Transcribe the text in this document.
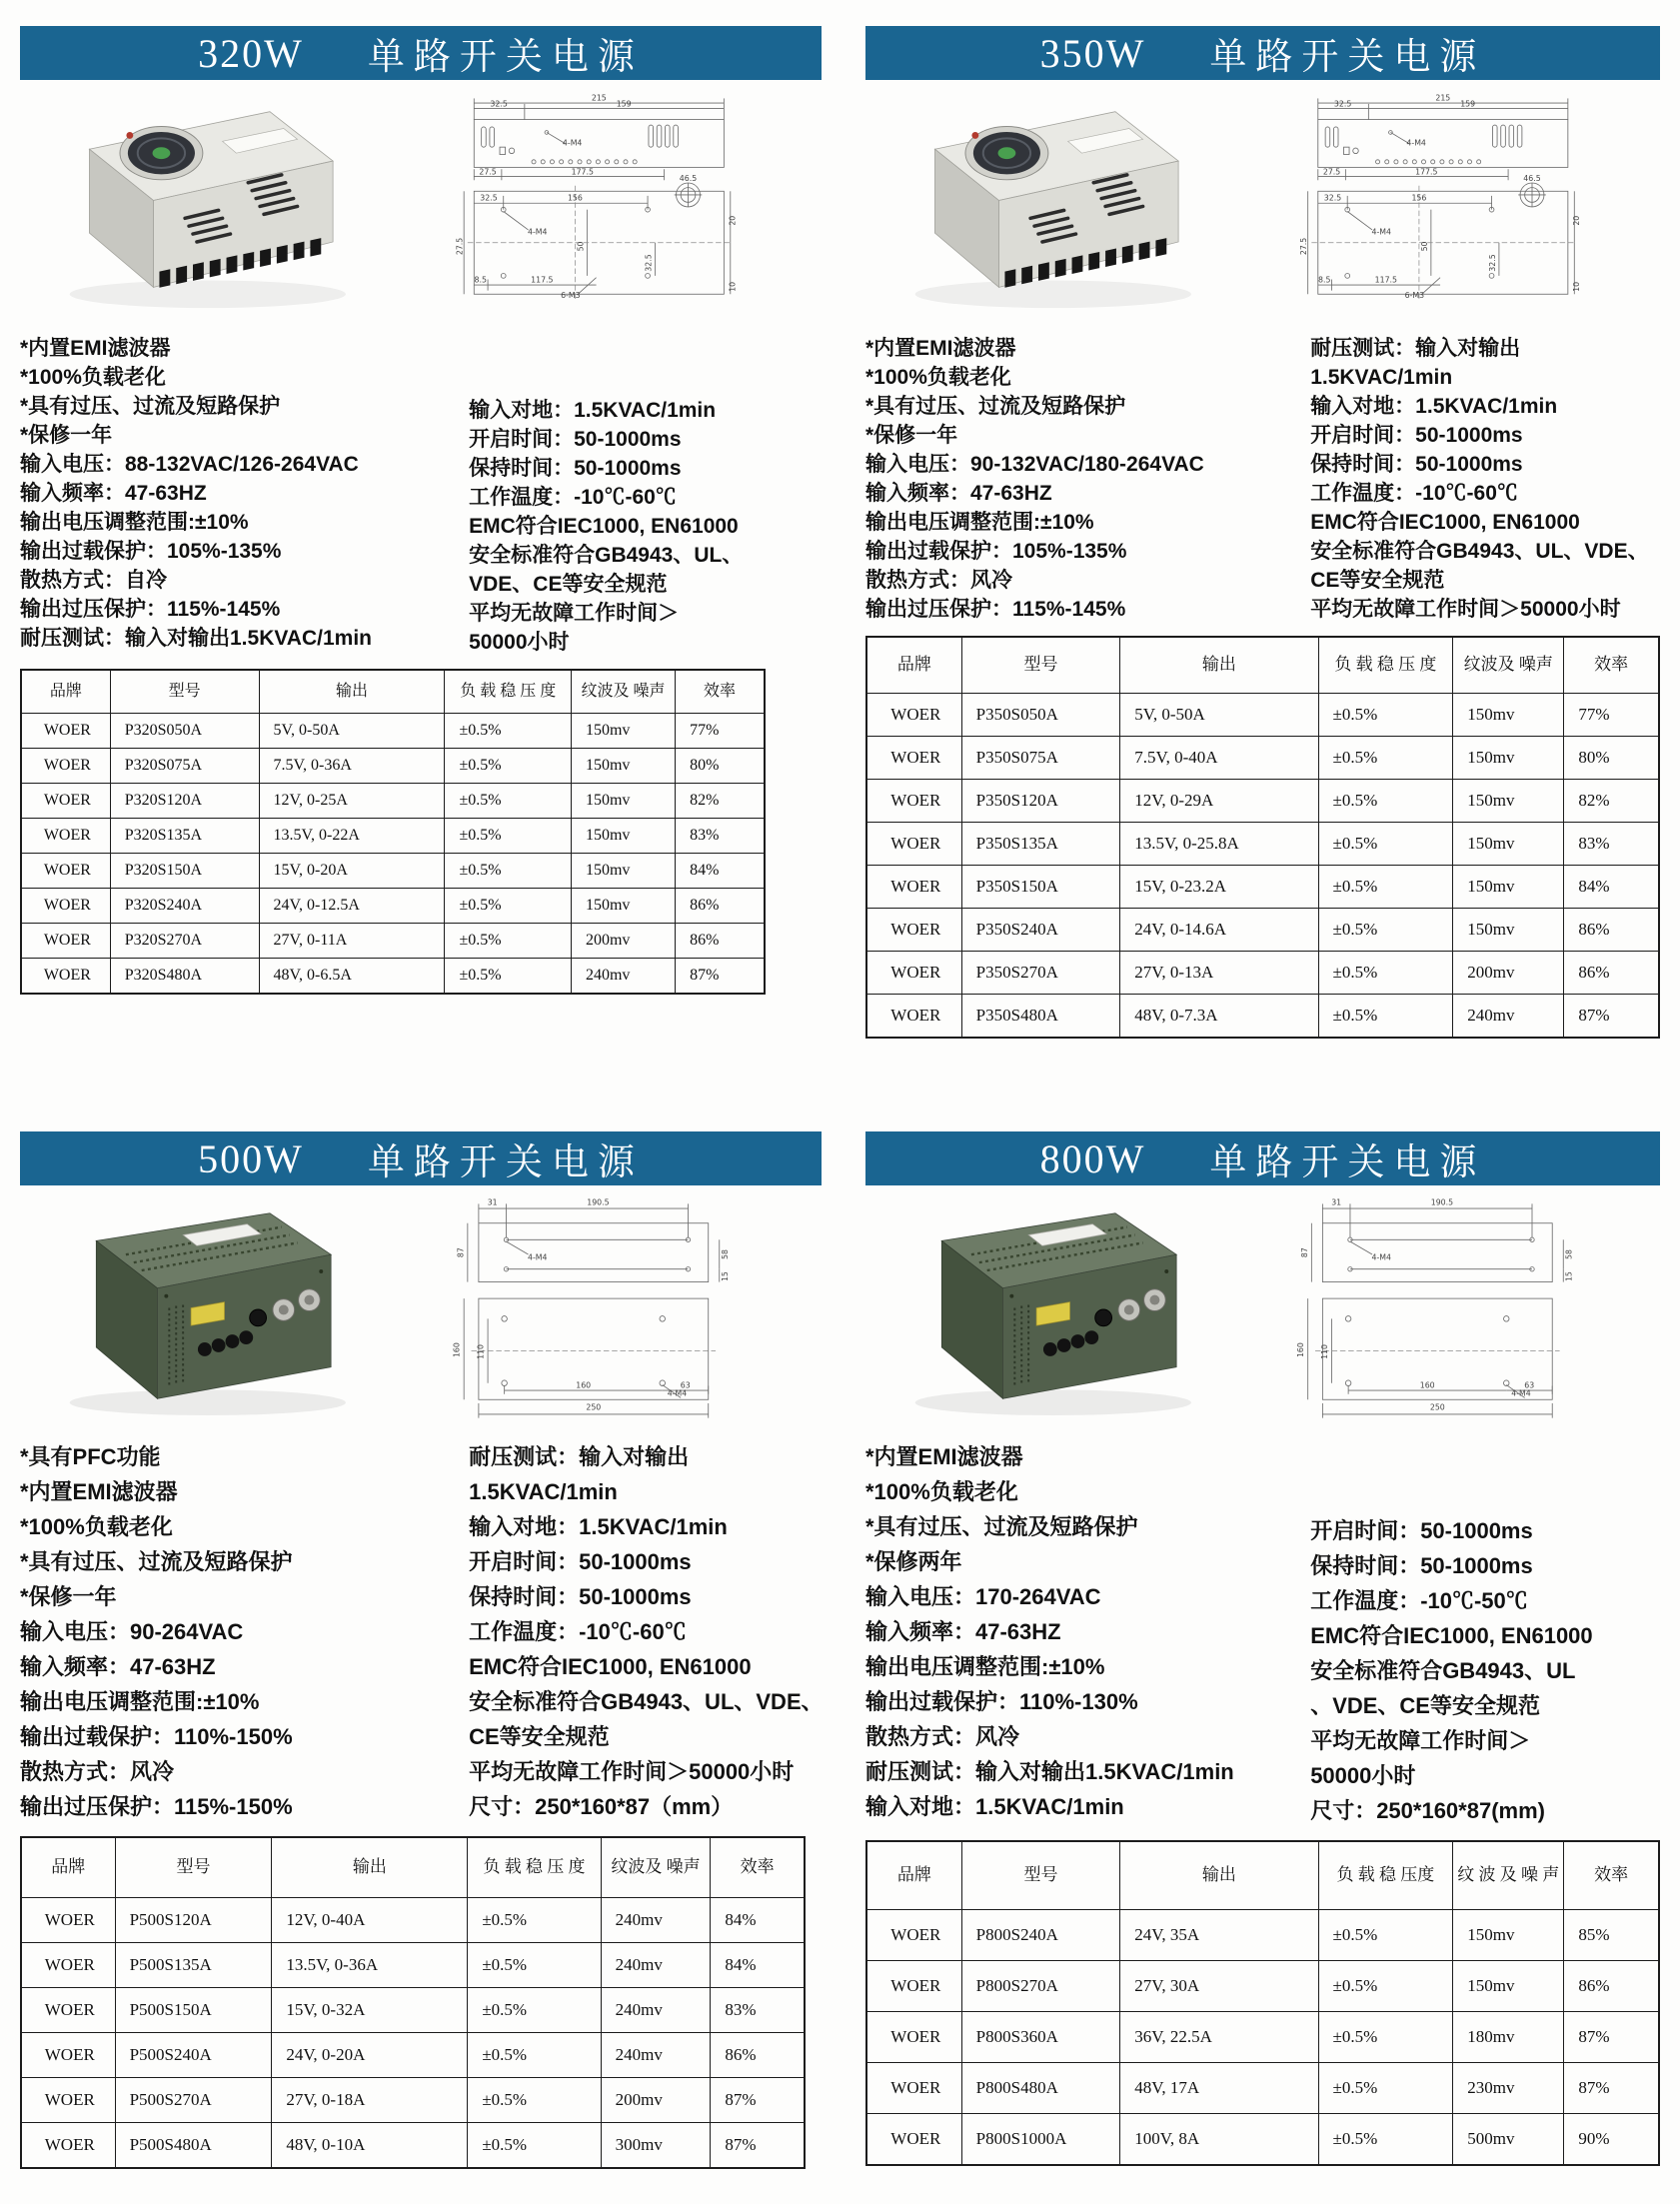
320W 单路开关电源
215
32.5	159
4-M4
27.5	177.5
46.5
32.5	156
4-M4
50
27.5
8.5	117.5
6-M3
32.5
20
10
*内置EMI滤波器
*100%负载老化
*具有过压、过流及短路保护
*保修一年
输入电压：88-132VAC/126-264VAC
输入频率：47-63HZ
输出电压调整范围:±10%
输出过载保护：105%-135%
散热方式：自冷
输出过压保护：115%-145%
耐压测试：输入对输出1.5KVAC/1min
输入对地：1.5KVAC/1min
开启时间：50-1000ms
保持时间：50-1000ms
工作温度：-10℃-60℃
EMC符合IEC1000, EN61000
安全标准符合GB4943、UL、
VDE、CE等安全规范
平均无故障工作时间＞
50000小时
品牌	型号	输出	负 载 稳 压 度	纹波及 噪声	效率
WOER	P320S050A	5V, 0-50A	±0.5%	150mv	77%
WOER	P320S075A	7.5V, 0-36A	±0.5%	150mv	80%
WOER	P320S120A	12V, 0-25A	±0.5%	150mv	82%
WOER	P320S135A	13.5V, 0-22A	±0.5%	150mv	83%
WOER	P320S150A	15V, 0-20A	±0.5%	150mv	84%
WOER	P320S240A	24V, 0-12.5A	±0.5%	150mv	86%
WOER	P320S270A	27V, 0-11A	±0.5%	200mv	86%
WOER	P320S480A	48V, 0-6.5A	±0.5%	240mv	87%
350W 单路开关电源
215
32.5	159
4-M4
27.5	177.5
46.5
32.5	156
4-M4
50
27.5
8.5	117.5
6-M3
32.5
20
10
*内置EMI滤波器
*100%负载老化
*具有过压、过流及短路保护
*保修一年
输入电压：90-132VAC/180-264VAC
输入频率：47-63HZ
输出电压调整范围:±10%
输出过载保护：105%-135%
散热方式：风冷
输出过压保护：115%-145%
耐压测试：输入对输出
1.5KVAC/1min
输入对地：1.5KVAC/1min
开启时间：50-1000ms
保持时间：50-1000ms
工作温度：-10℃-60℃
EMC符合IEC1000, EN61000
安全标准符合GB4943、UL、VDE、
CE等安全规范
平均无故障工作时间＞50000小时
品牌	型号	输出	负 载 稳 压 度	纹波及 噪声	效率
WOER	P350S050A	5V, 0-50A	±0.5%	150mv	77%
WOER	P350S075A	7.5V, 0-40A	±0.5%	150mv	80%
WOER	P350S120A	12V, 0-29A	±0.5%	150mv	82%
WOER	P350S135A	13.5V, 0-25.8A	±0.5%	150mv	83%
WOER	P350S150A	15V, 0-23.2A	±0.5%	150mv	84%
WOER	P350S240A	24V, 0-14.6A	±0.5%	150mv	86%
WOER	P350S270A	27V, 0-13A	±0.5%	200mv	86%
WOER	P350S480A	48V, 0-7.3A	±0.5%	240mv	87%
500W 单路开关电源
31	190.5
87	4-M4	58
15
160 110
160	63
4-M4
250
*具有PFC功能
*内置EMI滤波器
*100%负载老化
*具有过压、过流及短路保护
*保修一年
输入电压：90-264VAC
输入频率：47-63HZ
输出电压调整范围:±10%
输出过载保护：110%-150%
散热方式：风冷
输出过压保护：115%-150%
耐压测试：输入对输出
1.5KVAC/1min
输入对地：1.5KVAC/1min
开启时间：50-1000ms
保持时间：50-1000ms
工作温度：-10℃-60℃
EMC符合IEC1000, EN61000
安全标准符合GB4943、UL、VDE、
CE等安全规范
平均无故障工作时间＞50000小时
尺寸：250*160*87（mm）
品牌	型号	输出	负 载 稳 压 度	纹波及 噪声	效率
WOER	P500S120A	12V, 0-40A	±0.5%	240mv	84%
WOER	P500S135A	13.5V, 0-36A	±0.5%	240mv	84%
WOER	P500S150A	15V, 0-32A	±0.5%	240mv	83%
WOER	P500S240A	24V, 0-20A	±0.5%	240mv	86%
WOER	P500S270A	27V, 0-18A	±0.5%	200mv	87%
WOER	P500S480A	48V, 0-10A	±0.5%	300mv	87%
800W 单路开关电源
31	190.5
87	4-M4	58
15
160 110
160	63
4-M4
250
*内置EMI滤波器
*100%负载老化
*具有过压、过流及短路保护
*保修两年
输入电压：170-264VAC
输入频率：47-63HZ
输出电压调整范围:±10%
输出过载保护：110%-130%
散热方式：风冷
耐压测试：输入对输出1.5KVAC/1min
输入对地：1.5KVAC/1min
开启时间：50-1000ms
保持时间：50-1000ms
工作温度：-10℃-50℃
EMC符合IEC1000, EN61000
安全标准符合GB4943、UL
、VDE、CE等安全规范
平均无故障工作时间＞
50000小时
尺寸：250*160*87(mm)
品牌	型号	输出	负 载 稳 压度	纹 波 及 噪 声	效率
WOER	P800S240A	24V, 35A	±0.5%	150mv	85%
WOER	P800S270A	27V, 30A	±0.5%	150mv	86%
WOER	P800S360A	36V, 22.5A	±0.5%	180mv	87%
WOER	P800S480A	48V, 17A	±0.5%	230mv	87%
WOER	P800S1000A	100V, 8A	±0.5%	500mv	90%
